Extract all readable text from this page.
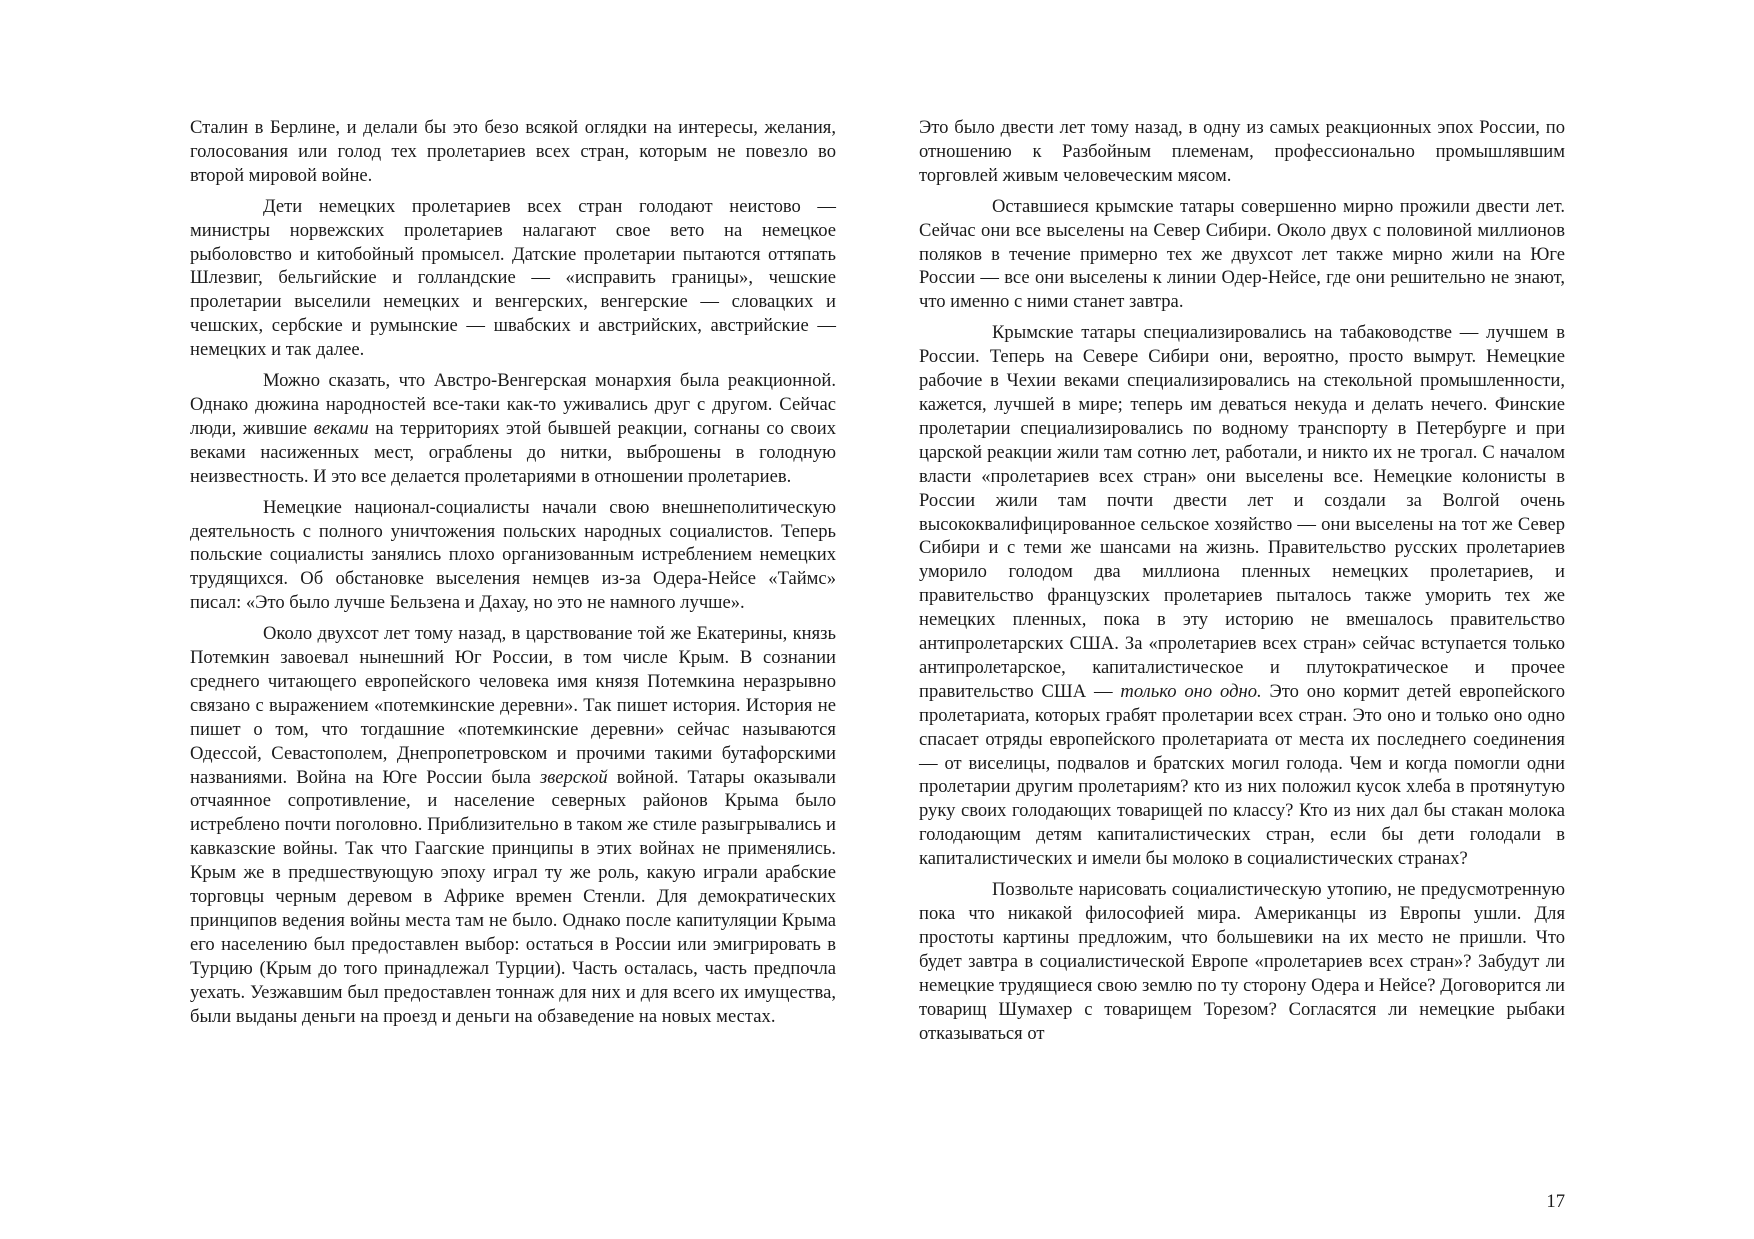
Сталин в Берлине, и делали бы это безо всякой оглядки на интересы, желания, голосования или голод тех пролетариев всех стран, которым не повезло во второй мировой войне.

Дети немецких пролетариев всех стран голодают неистово — министры норвежских пролетариев налагают свое вето на немецкое рыболовство и китобойный промысел. Датские пролетарии пытаются оттяпать Шлезвиг, бельгийские и голландские — «исправить границы», чешские пролетарии выселили немецких и венгерских, венгерские — словацких и чешских, сербские и румынские — швабских и австрийских, австрийские — немецких и так далее.

Можно сказать, что Австро-Венгерская монархия была реакционной. Однако дюжина народностей все-таки как-то уживались друг с другом. Сейчас люди, жившие веками на территориях этой бывшей реакции, согнаны со своих веками насиженных мест, ограблены до нитки, выброшены в голодную неизвестность. И это все делается пролетариями в отношении пролетариев.

Немецкие национал-социалисты начали свою внешнеполитическую деятельность с полного уничтожения польских народных социалистов. Теперь польские социалисты занялись плохо организованным истреблением немецких трудящихся. Об обстановке выселения немцев из-за Одера-Нейсе «Таймс» писал: «Это было лучше Бельзена и Дахау, но это не намного лучше».

Около двухсот лет тому назад, в царствование той же Екатерины, князь Потемкин завоевал нынешний Юг России, в том числе Крым. В сознании среднего читающего европейского человека имя князя Потемкина неразрывно связано с выражением «потемкинские деревни». Так пишет история. История не пишет о том, что тогдашние «потемкинские деревни» сейчас называются Одессой, Севастополем, Днепропетровском и прочими такими бутафорскими названиями. Война на Юге России была зверской войной. Татары оказывали отчаянное сопротивление, и население северных районов Крыма было истреблено почти поголовно. Приблизительно в таком же стиле разыгрывались и кавказские войны. Так что Гаагские принципы в этих войнах не применялись. Крым же в предшествующую эпоху играл ту же роль, какую играли арабские торговцы черным деревом в Африке времен Стенли. Для демократических принципов ведения войны места там не было. Однако после капитуляции Крыма его населению был предоставлен выбор: остаться в России или эмигрировать в Турцию (Крым до того принадлежал Турции). Часть осталась, часть предпочла уехать. Уезжавшим был предоставлен тоннаж для них и для всего их имущества, были выданы деньги на проезд и деньги на обзаведение на новых местах.

Это было двести лет тому назад, в одну из самых реакционных эпох России, по отношению к Разбойным племенам, профессионально промышлявшим торговлей живым человеческим мясом.

Оставшиеся крымские татары совершенно мирно прожили двести лет. Сейчас они все выселены на Север Сибири. Около двух с половиной миллионов поляков в течение примерно тех же двухсот лет также мирно жили на Юге России — все они выселены к линии Одер-Нейсе, где они решительно не знают, что именно с ними станет завтра.

Крымские татары специализировались на табаководстве — лучшем в России. Теперь на Севере Сибири они, вероятно, просто вымрут. Немецкие рабочие в Чехии веками специализировались на стекольной промышленности, кажется, лучшей в мире; теперь им деваться некуда и делать нечего. Финские пролетарии специализировались по водному транспорту в Петербурге и при царской реакции жили там сотню лет, работали, и никто их не трогал. С началом власти «пролетариев всех стран» они выселены все. Немецкие колонисты в России жили там почти двести лет и создали за Волгой очень высококвалифицированное сельское хозяйство — они выселены на тот же Север Сибири и с теми же шансами на жизнь. Правительство русских пролетариев уморило голодом два миллиона пленных немецких пролетариев, и правительство французских пролетариев пыталось также уморить тех же немецких пленных, пока в эту историю не вмешалось правительство антипролетарских США. За «пролетариев всех стран» сейчас вступается только антипролетарское, капиталистическое и плутократическое и прочее правительство США — только оно одно. Это оно кормит детей европейского пролетариата, которых грабят пролетарии всех стран. Это оно и только оно одно спасает отряды европейского пролетариата от места их последнего соединения — от виселицы, подвалов и братских могил голода. Чем и когда помогли одни пролетарии другим пролетариям? кто из них положил кусок хлеба в протянутую руку своих голодающих товарищей по классу? Кто из них дал бы стакан молока голодающим детям капиталистических стран, если бы дети голодали в капиталистических и имели бы молоко в социалистических странах?

Позвольте нарисовать социалистическую утопию, не предусмотренную пока что никакой философией мира. Американцы из Европы ушли. Для простоты картины предложим, что большевики на их место не пришли. Что будет завтра в социалистической Европе «пролетариев всех стран»? Забудут ли немецкие трудящиеся свою землю по ту сторону Одера и Нейсе? Договорится ли товарищ Шумахер с товарищем Торезом? Согласятся ли немецкие рыбаки отказываться от

17
